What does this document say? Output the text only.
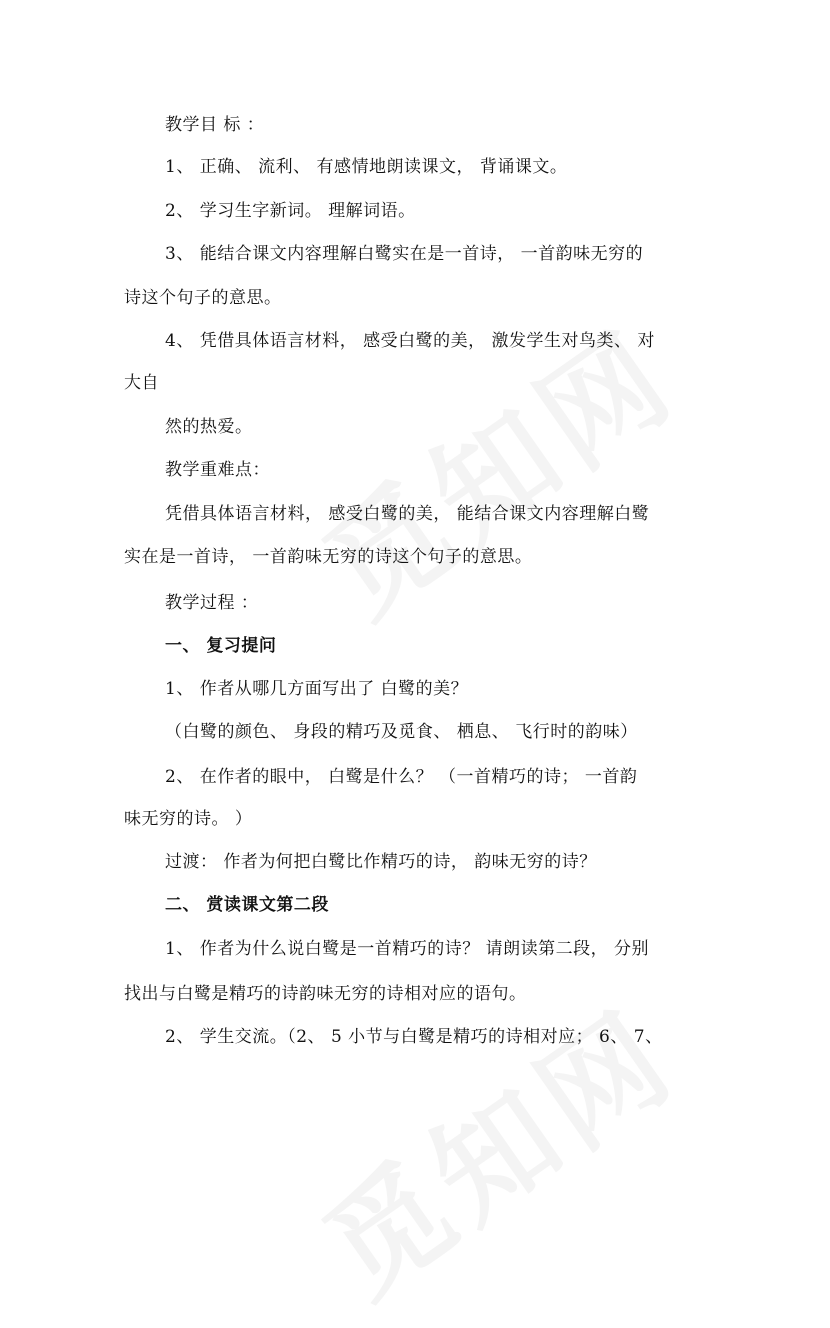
教学目 标 ：
1、 正确、 流利、 有感情地朗读课文， 背诵课文。
2、 学习生字新词。 理解词语。
3、 能结合课文内容理解白鹭实在是一首诗， 一首韵味无穷的
诗这个句子的意思。
4、 凭借具体语言材料， 感受白鹭的美， 激发学生对鸟类、 对
大自
然的热爱。
教学重难点：
凭借具体语言材料， 感受白鹭的美， 能结合课文内容理解白鹭
实在是一首诗， 一首韵味无穷的诗这个句子的意思。
教学过程 ：
一、 复习提问
1、 作者从哪几方面写出了 白鹭的美？
（白鹭的颜色、 身段的精巧及觅食、 栖息、 飞行时的韵味）
2、 在作者的眼中， 白鹭是什么？ （一首精巧的诗； 一首韵
味无穷的诗。 ）
过渡： 作者为何把白鹭比作精巧的诗， 韵味无穷的诗？
二、 赏读课文第二段
1、 作者为什么说白鹭是一首精巧的诗？ 请朗读第二段， 分别
找出与白鹭是精巧的诗韵味无穷的诗相对应的语句。
2、 学生交流。（2、 5 小节与白鹭是精巧的诗相对应； 6、 7、
